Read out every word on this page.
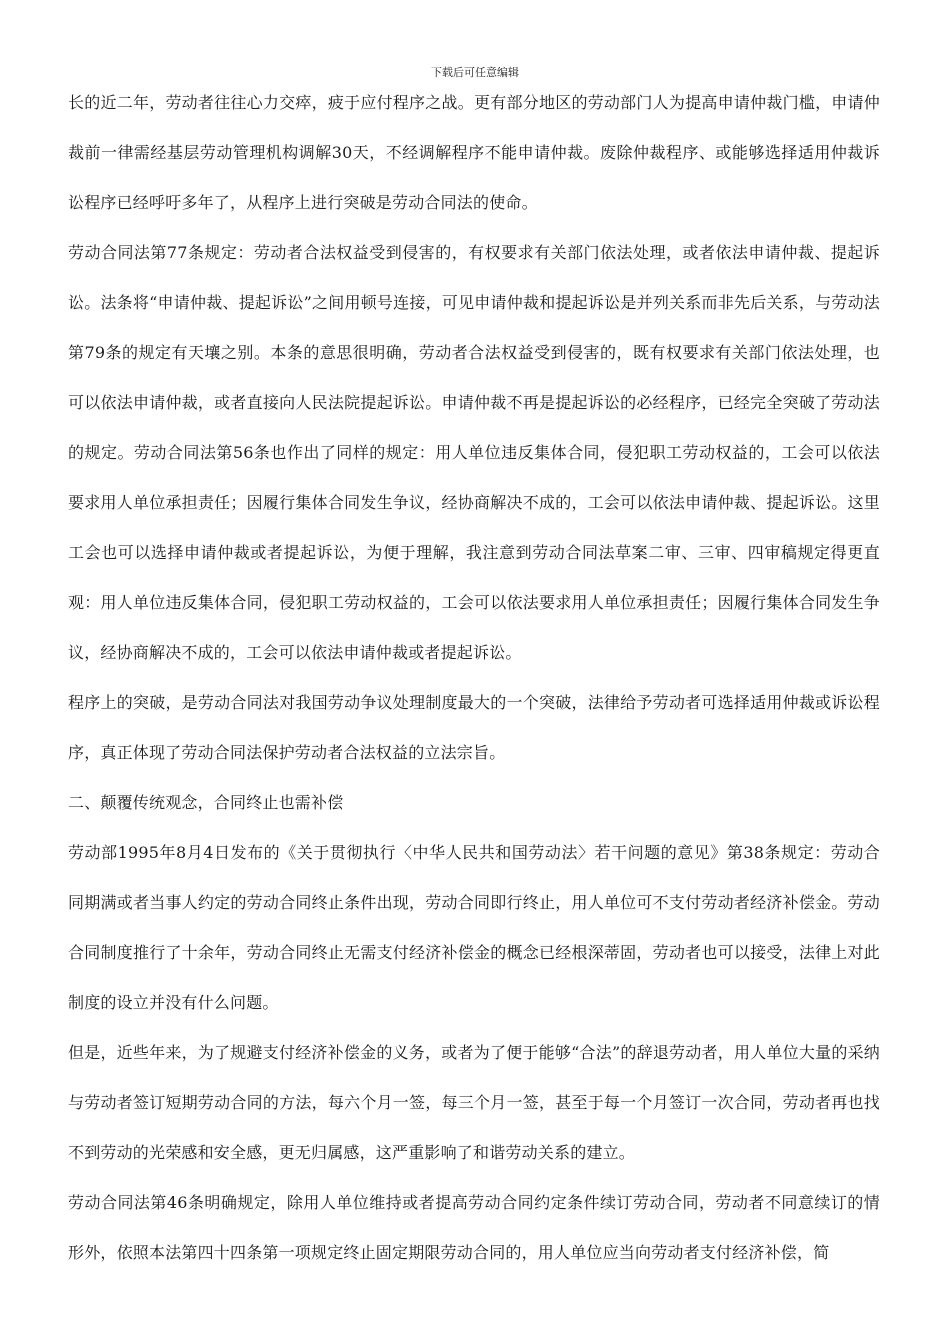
下载后可任意编辑

长的近二年，劳动者往往心力交瘁，疲于应付程序之战。更有部分地区的劳动部门人为提高申请仲裁门槛，申请仲裁前一律需经基层劳动管理机构调解30天，不经调解程序不能申请仲裁。废除仲裁程序、或能够选择适用仲裁诉讼程序已经呼吁多年了，从程序上进行突破是劳动合同法的使命。

劳动合同法第77条规定：劳动者合法权益受到侵害的，有权要求有关部门依法处理，或者依法申请仲裁、提起诉讼。法条将“申请仲裁、提起诉讼”之间用顿号连接，可见申请仲裁和提起诉讼是并列关系而非先后关系，与劳动法第79条的规定有天壤之别。本条的意思很明确，劳动者合法权益受到侵害的，既有权要求有关部门依法处理，也可以依法申请仲裁，或者直接向人民法院提起诉讼。申请仲裁不再是提起诉讼的必经程序，已经完全突破了劳动法的规定。劳动合同法第56条也作出了同样的规定：用人单位违反集体合同，侵犯职工劳动权益的，工会可以依法要求用人单位承担责任；因履行集体合同发生争议，经协商解决不成的，工会可以依法申请仲裁、提起诉讼。这里工会也可以选择申请仲裁或者提起诉讼，为便于理解，我注意到劳动合同法草案二审、三审、四审稿规定得更直观：用人单位违反集体合同，侵犯职工劳动权益的，工会可以依法要求用人单位承担责任；因履行集体合同发生争议，经协商解决不成的，工会可以依法申请仲裁或者提起诉讼。

程序上的突破，是劳动合同法对我国劳动争议处理制度最大的一个突破，法律给予劳动者可选择适用仲裁或诉讼程序，真正体现了劳动合同法保护劳动者合法权益的立法宗旨。

二、颠覆传统观念，合同终止也需补偿

劳动部1995年8月4日发布的《关于贯彻执行〈中华人民共和国劳动法〉若干问题的意见》第38条规定：劳动合同期满或者当事人约定的劳动合同终止条件出现，劳动合同即行终止，用人单位可不支付劳动者经济补偿金。劳动合同制度推行了十余年，劳动合同终止无需支付经济补偿金的概念已经根深蒂固，劳动者也可以接受，法律上对此制度的设立并没有什么问题。

但是，近些年来，为了规避支付经济补偿金的义务，或者为了便于能够“合法”的辞退劳动者，用人单位大量的采纳与劳动者签订短期劳动合同的方法，每六个月一签，每三个月一签，甚至于每一个月签订一次合同，劳动者再也找不到劳动的光荣感和安全感，更无归属感，这严重影响了和谐劳动关系的建立。

劳动合同法第46条明确规定，除用人单位维持或者提高劳动合同约定条件续订劳动合同，劳动者不同意续订的情形外，依照本法第四十四条第一项规定终止固定期限劳动合同的，用人单位应当向劳动者支付经济补偿，简
